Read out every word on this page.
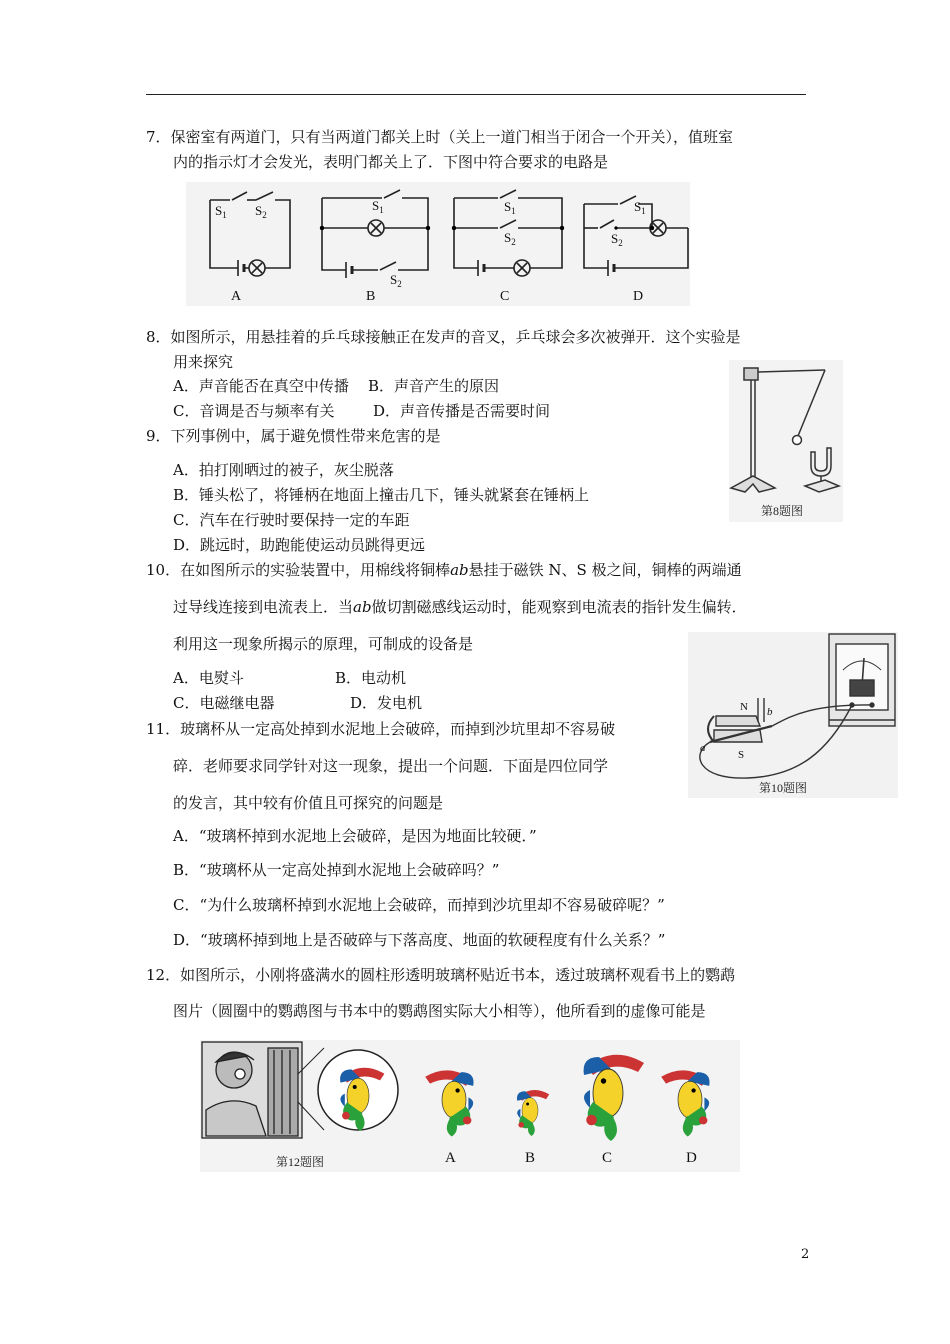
7．保密室有两道门，只有当两道门都关上时（关上一道门相当于闭合一个开关），值班室
内的指示灯才会发光，表明门都关上了．下图中符合要求的电路是
$S_1$ $S_2$
$S_1$
$S_2$
$S_1$
$S_2$
$S_1$
$S_2$
A	B	C	D
8．如图所示，用悬挂着的乒乓球接触正在发声的音叉，乒乓球会多次被弹开．这个实验是
用来探究
A．声音能否在真空中传播 B．声音产生的原因
C．音调是否与频率有关	D．声音传播是否需要时间
第8题图
9．下列事例中，属于避免惯性带来危害的是
A．拍打刚晒过的被子，灰尘脱落
B．锤头松了，将锤柄在地面上撞击几下，锤头就紧套在锤柄上
C．汽车在行驶时要保持一定的车距
D．跳远时，助跑能使运动员跳得更远
10．在如图所示的实验装置中，用棉线将铜棒ab悬挂于磁铁 N、S 极之间，铜棒的两端通
过导线连接到电流表上．当ab做切割磁感线运动时，能观察到电流表的指针发生偏转．
利用这一现象所揭示的原理，可制成的设备是
A．电熨斗	B．电动机
C．电磁继电器	D．发电机	N
S
a
b
第10题图
11．玻璃杯从一定高处掉到水泥地上会破碎，而掉到沙坑里却不容易破
碎．老师要求同学针对这一现象，提出一个问题．下面是四位同学
的发言，其中较有价值且可探究的问题是
A．“玻璃杯掉到水泥地上会破碎，是因为地面比较硬．”
B．“玻璃杯从一定高处掉到水泥地上会破碎吗？”
C．“为什么玻璃杯掉到水泥地上会破碎，而掉到沙坑里却不容易破碎呢？”
D．“玻璃杯掉到地上是否破碎与下落高度、地面的软硬程度有什么关系？”
12．如图所示，小刚将盛满水的圆柱形透明玻璃杯贴近书本，透过玻璃杯观看书上的鹦鹉
图片（圆圈中的鹦鹉图与书本中的鹦鹉图实际大小相等），他所看到的虚像可能是
第12题图	A	B	C	D
2
